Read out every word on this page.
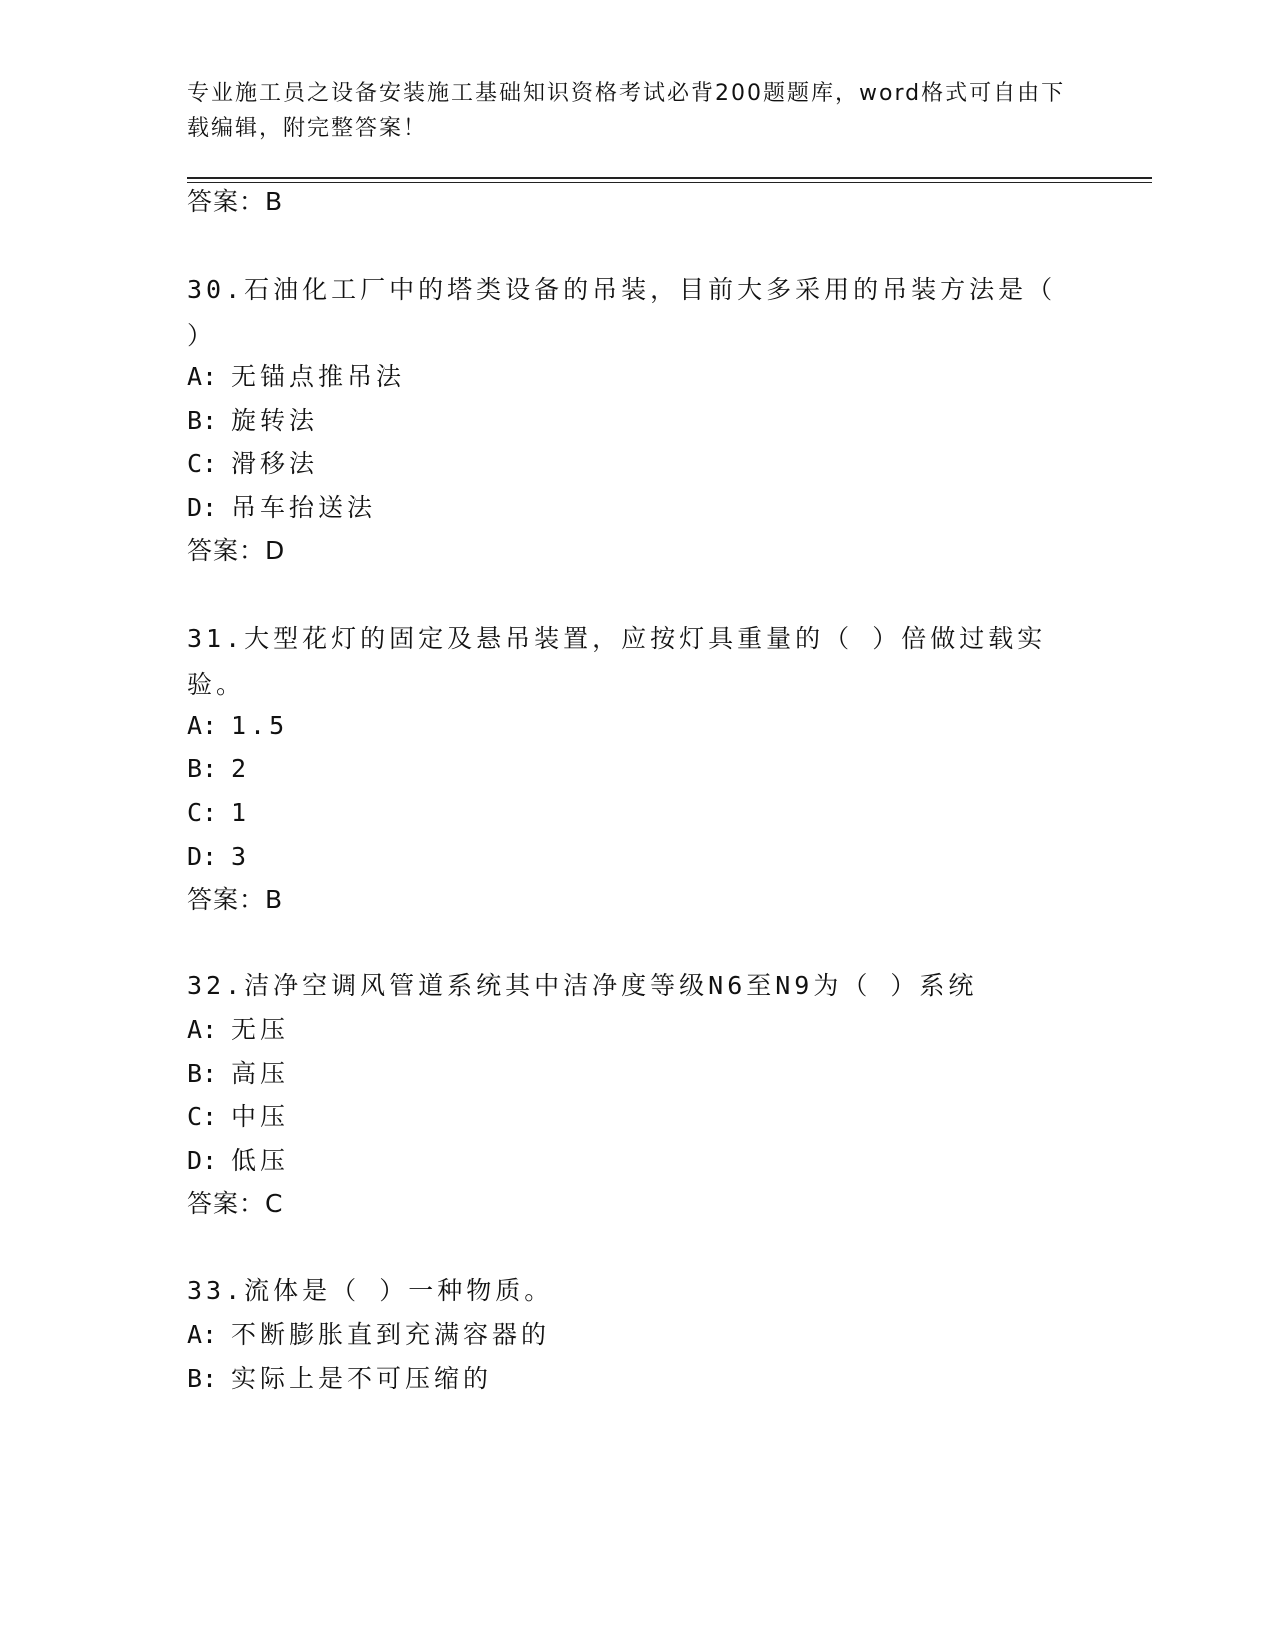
专业施工员之设备安装施工基础知识资格考试必背200题题库，word格式可自由下载编辑，附完整答案！
答案：B
30.石油化工厂中的塔类设备的吊装，目前大多采用的吊装方法是（ ）
A: 无锚点推吊法
B: 旋转法
C: 滑移法
D: 吊车抬送法
答案：D
31.大型花灯的固定及悬吊装置，应按灯具重量的（ ）倍做过载实验。
A: 1.5
B: 2
C: 1
D: 3
答案：B
32.洁净空调风管道系统其中洁净度等级N6至N9为（ ）系统
A: 无压
B: 高压
C: 中压
D: 低压
答案：C
33.流体是（ ）一种物质。
A: 不断膨胀直到充满容器的
B: 实际上是不可压缩的
